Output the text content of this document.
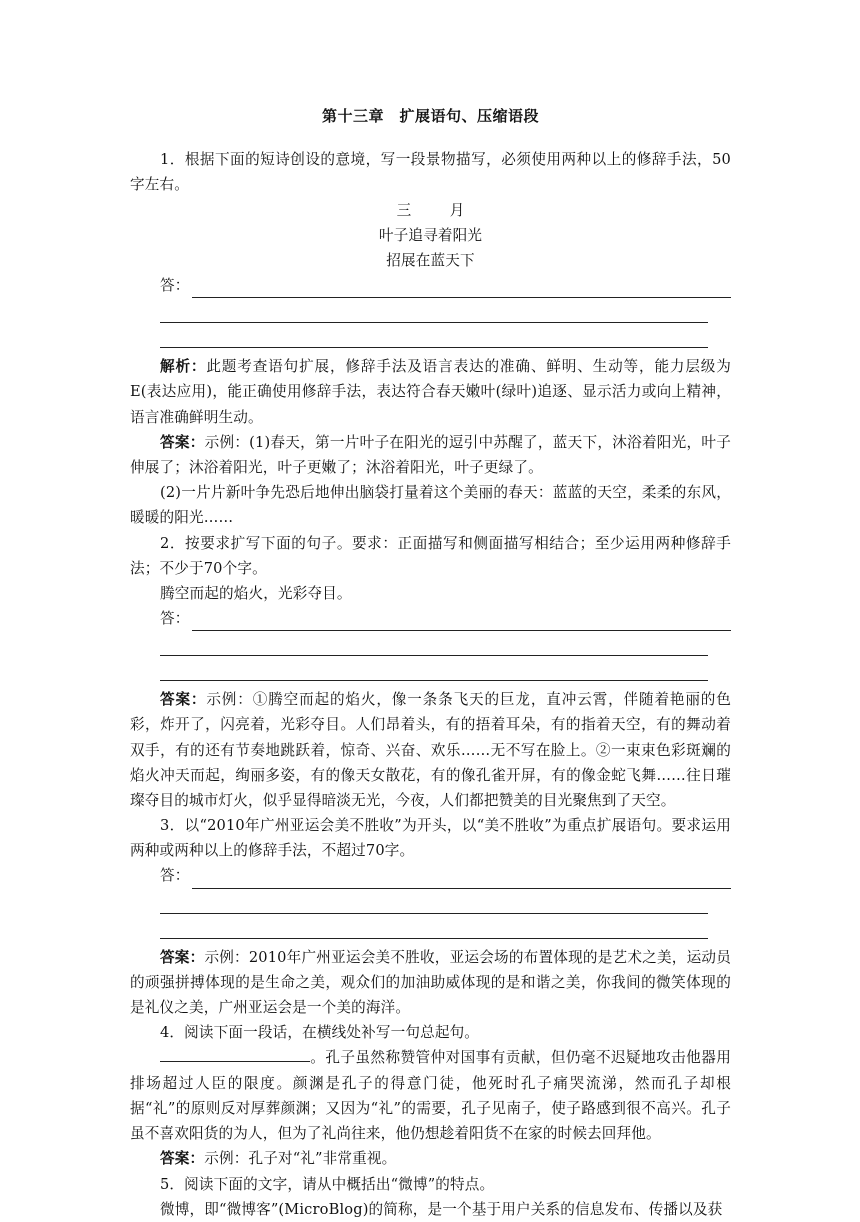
第十三章　扩展语句、压缩语段

1．根据下面的短诗创设的意境，写一段景物描写，必须使用两种以上的修辞手法，50字左右。

三　月
叶子追寻着阳光
招展在蓝天下
答：

解析：此题考查语句扩展，修辞手法及语言表达的准确、鲜明、生动等，能力层级为E(表达应用)，能正确使用修辞手法，表达符合春天嫩叶(绿叶)追逐、显示活力或向上精神，语言准确鲜明生动。

答案：示例：(1)春天，第一片叶子在阳光的逗引中苏醒了，蓝天下，沐浴着阳光，叶子伸展了；沐浴着阳光，叶子更嫩了；沐浴着阳光，叶子更绿了。

(2)一片片新叶争先恐后地伸出脑袋打量着这个美丽的春天：蓝蓝的天空，柔柔的东风，暖暖的阳光……

2．按要求扩写下面的句子。要求：正面描写和侧面描写相结合；至少运用两种修辞手法；不少于70个字。

腾空而起的焰火，光彩夺目。

答：

答案：示例：①腾空而起的焰火，像一条条飞天的巨龙，直冲云霄，伴随着艳丽的色彩，炸开了，闪亮着，光彩夺目。人们昂着头，有的捂着耳朵，有的指着天空，有的舞动着双手，有的还有节奏地跳跃着，惊奇、兴奋、欢乐……无不写在脸上。②一束束色彩斑斓的焰火冲天而起，绚丽多姿，有的像天女散花，有的像孔雀开屏，有的像金蛇飞舞……往日璀璨夺目的城市灯火，似乎显得暗淡无光，今夜，人们都把赞美的目光聚焦到了天空。

3．以“2010年广州亚运会美不胜收”为开头，以“美不胜收”为重点扩展语句。要求运用两种或两种以上的修辞手法，不超过70字。

答：

答案：示例：2010年广州亚运会美不胜收，亚运会场的布置体现的是艺术之美，运动员的顽强拼搏体现的是生命之美，观众们的加油助威体现的是和谐之美，你我间的微笑体现的是礼仪之美，广州亚运会是一个美的海洋。

4．阅读下面一段话，在横线处补写一句总起句。

。孔子虽然称赞管仲对国事有贡献，但仍毫不迟疑地攻击他器用排场超过人臣的限度。颜渊是孔子的得意门徒，他死时孔子痛哭流涕，然而孔子却根据“礼”的原则反对厚葬颜渊；又因为“礼”的需要，孔子见南子，使子路感到很不高兴。孔子虽不喜欢阳货的为人，但为了礼尚往来，他仍想趁着阳货不在家的时候去回拜他。

答案：示例：孔子对“礼”非常重视。

5．阅读下面的文字，请从中概括出“微博”的特点。

微博，即“微博客”(MicroBlog)的简称，是一个基于用户关系的信息发布、传播以及获
